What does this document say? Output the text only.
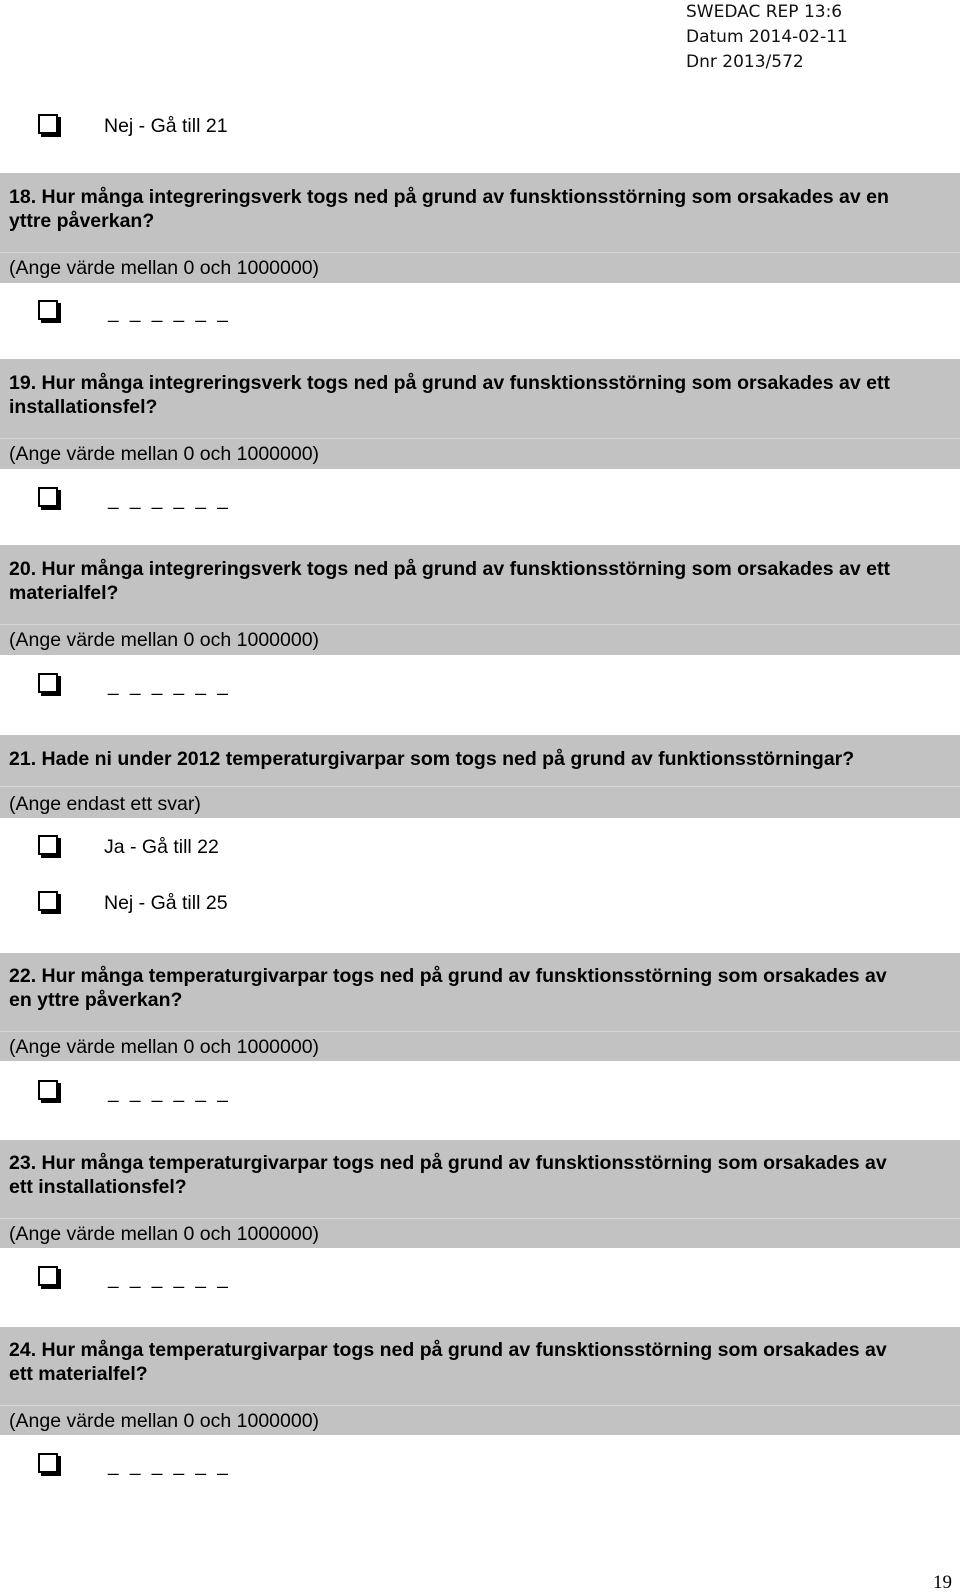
SWEDAC REP 13:6
Datum 2014-02-11
Dnr 2013/572
Nej - Gå till 21
18. Hur många integreringsverk togs ned på grund av funsktionsstörning som orsakades av en
yttre påverkan?
(Ange värde mellan 0 och 1000000)
_ _ _ _ _ _
19. Hur många integreringsverk togs ned på grund av funsktionsstörning som orsakades av ett
installationsfel?
(Ange värde mellan 0 och 1000000)
_ _ _ _ _ _
20. Hur många integreringsverk togs ned på grund av funsktionsstörning som orsakades av ett
materialfel?
(Ange värde mellan 0 och 1000000)
_ _ _ _ _ _
21. Hade ni under 2012 temperaturgivarpar som togs ned på grund av funktionsstörningar?
(Ange endast ett svar)
Ja - Gå till 22
Nej - Gå till 25
22. Hur många temperaturgivarpar togs ned på grund av funsktionsstörning som orsakades av
en yttre påverkan?
(Ange värde mellan 0 och 1000000)
_ _ _ _ _ _
23. Hur många temperaturgivarpar togs ned på grund av funsktionsstörning som orsakades av
ett installationsfel?
(Ange värde mellan 0 och 1000000)
_ _ _ _ _ _
24. Hur många temperaturgivarpar togs ned på grund av funsktionsstörning som orsakades av
ett materialfel?
(Ange värde mellan 0 och 1000000)
_ _ _ _ _ _
19
